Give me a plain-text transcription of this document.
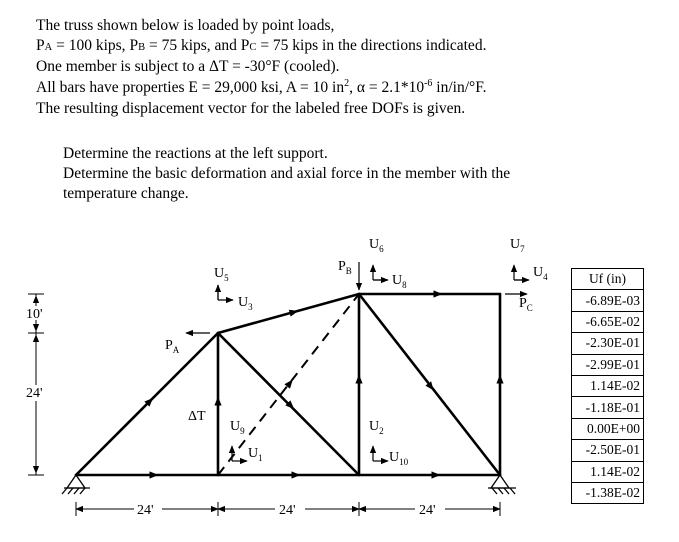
The truss shown below is loaded by point loads,
PA = 100 kips, PB = 75 kips, and PC = 75 kips in the directions indicated.
One member is subject to a ΔT = -30°F (cooled).
All bars have properties E = 29,000 ksi, A = 10 $in^2$, $\alpha = 2.1*10^{-6}$ in/in/°F.
The resulting displacement vector for the labeled free DOFs is given.
Determine the reactions at the left support.
Determine the basic deformation and axial force in the member with the
temperature change.
$U_5$
$U_3$
$U_6$
$U_8$
$U_7$
$U_4$
$U_9$
$U_1$
$U_2$
$U_{10}$
$P_A$
$P_B$
$P_C$
ΔT
10'
24'
24'	24'	24'
Uf (in)
-6.89E-03
-6.65E-02
-2.30E-01
-2.99E-01
1.14E-02
-1.18E-01
0.00E+00
-2.50E-01
1.14E-02
-1.38E-02
